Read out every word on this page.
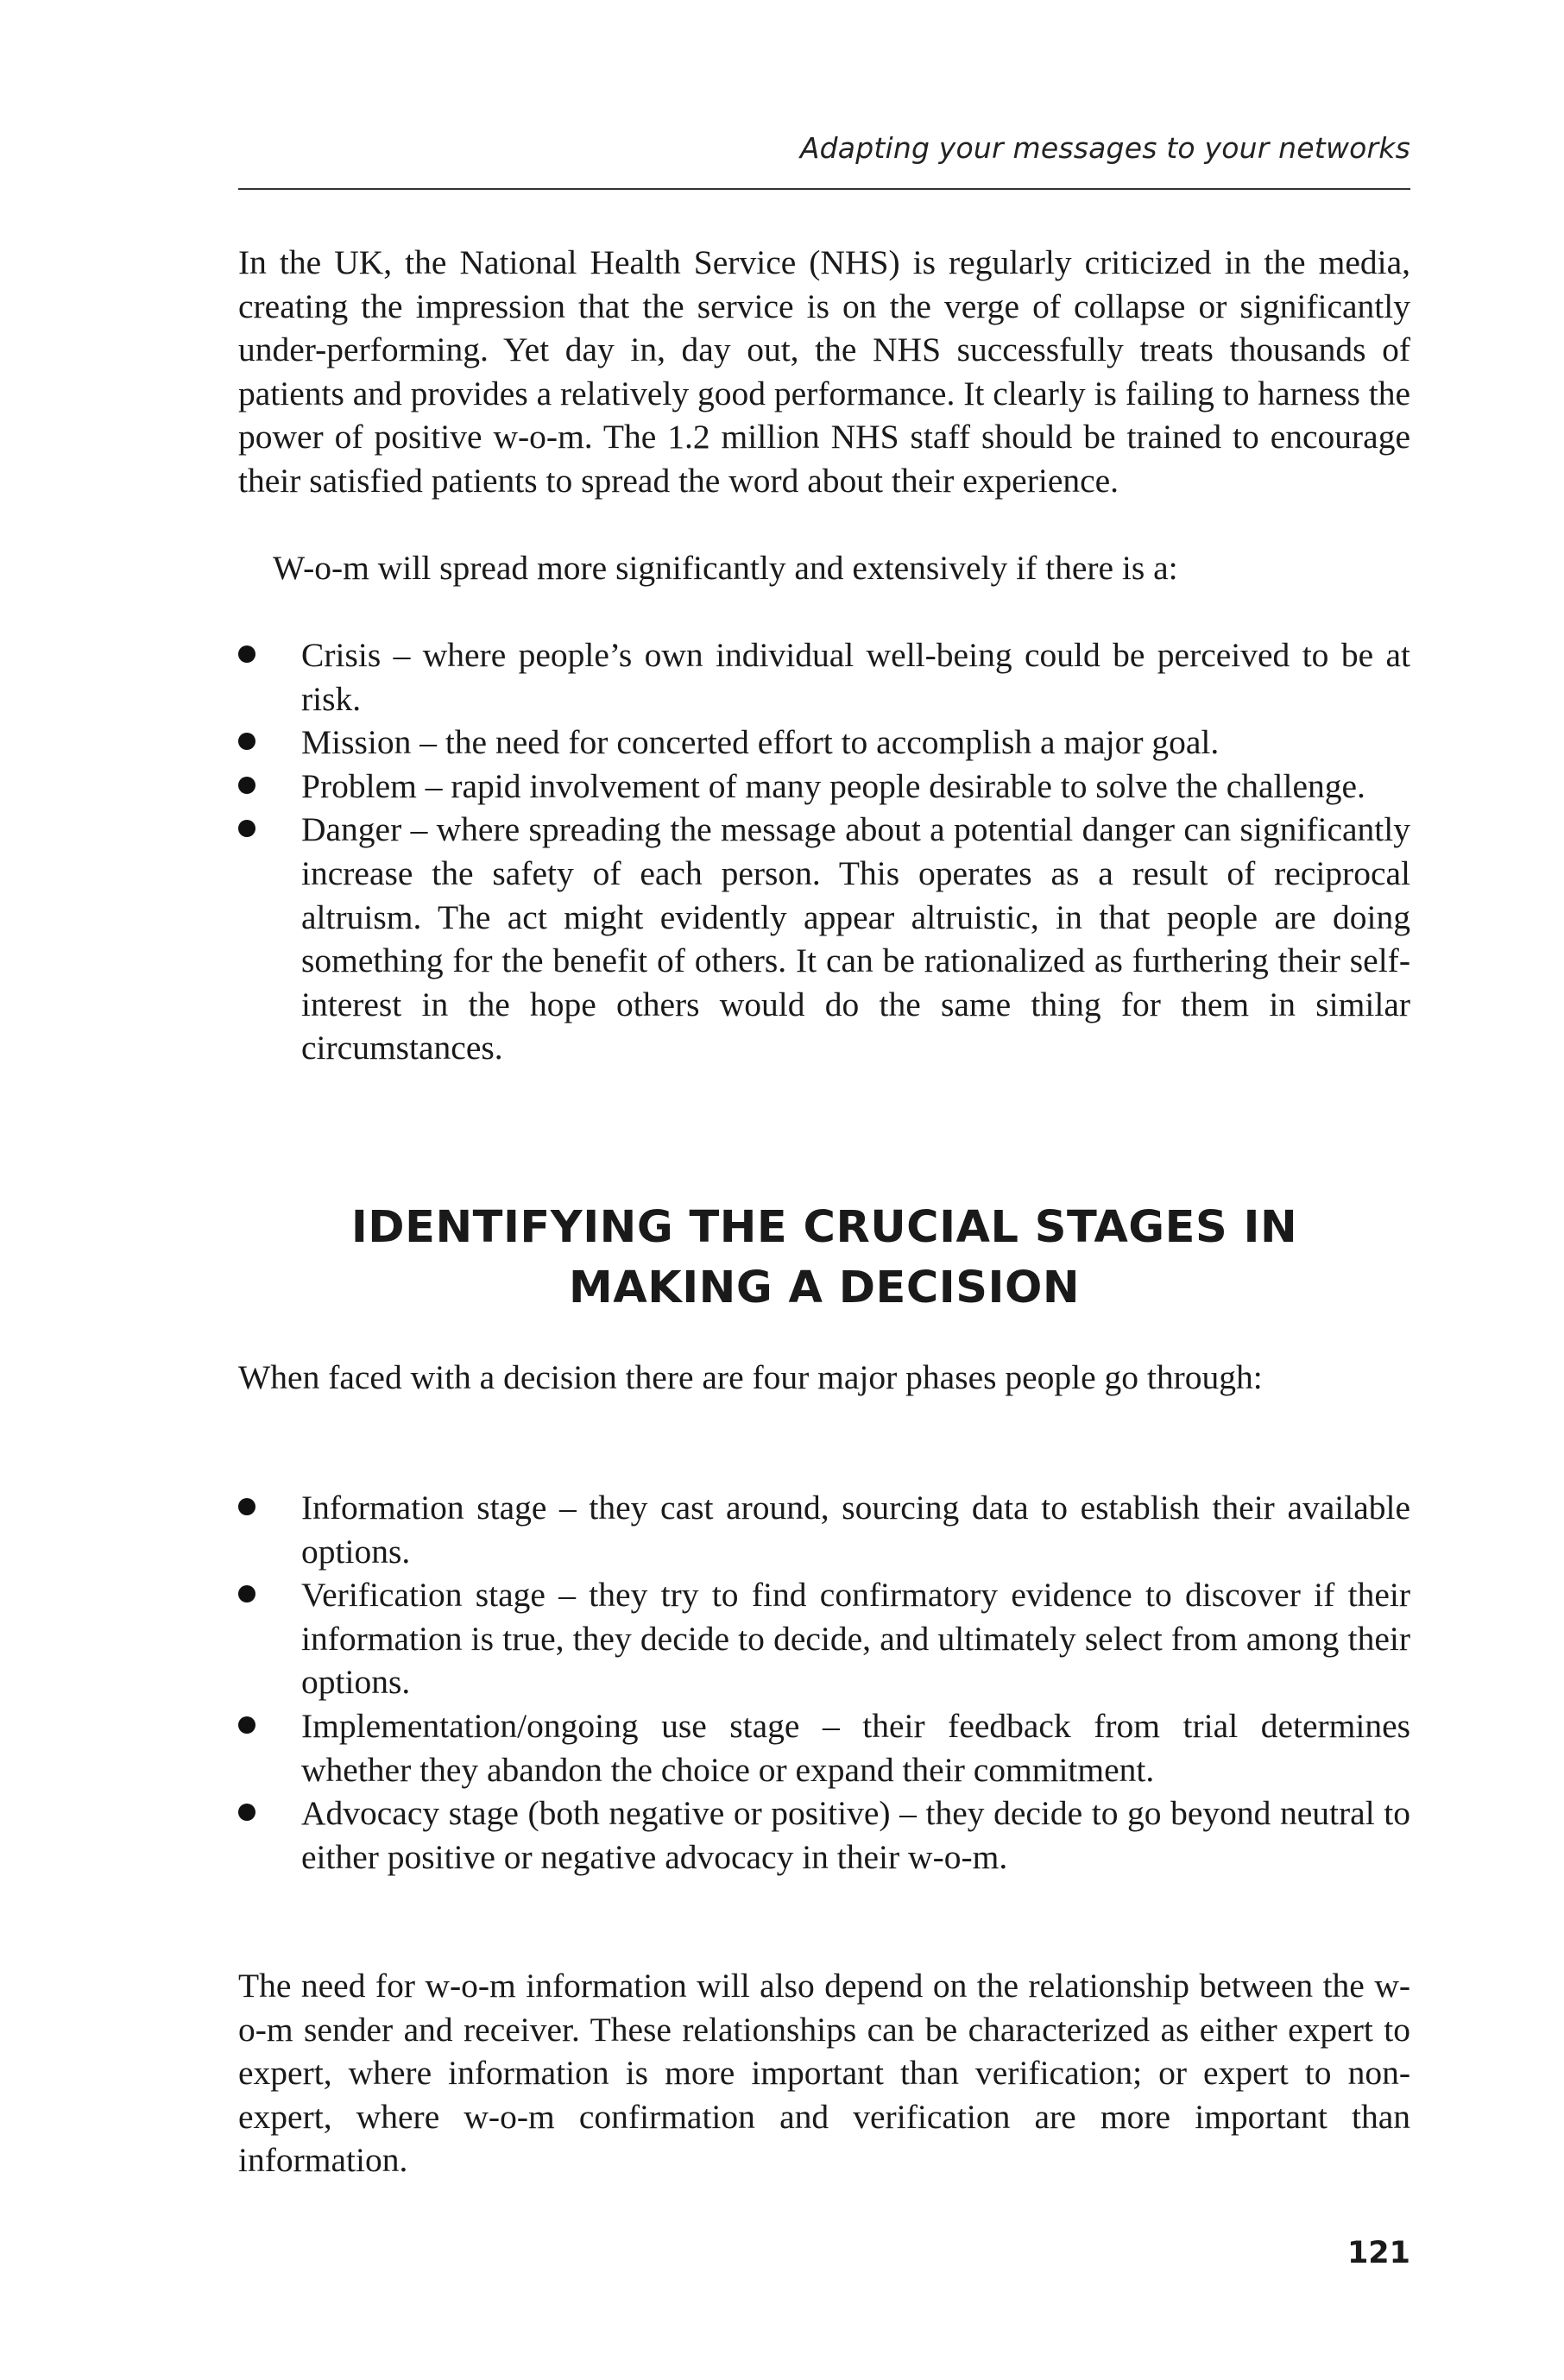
Adapting your messages to your networks

In the UK, the National Health Service (NHS) is regularly criticized in the media, creating the impression that the service is on the verge of collapse or significantly under-performing. Yet day in, day out, the NHS successfully treats thousands of patients and provides a relatively good performance. It clearly is failing to harness the power of positive w-o-m. The 1.2 million NHS staff should be trained to encourage their satisfied patients to spread the word about their experience.

W-o-m will spread more significantly and extensively if there is a:

Crisis – where people’s own individual well-being could be perceived to be at risk.
Mission – the need for concerted effort to accomplish a major goal.
Problem – rapid involvement of many people desirable to solve the challenge.
Danger – where spreading the message about a potential danger can significantly increase the safety of each person. This operates as a result of reciprocal altruism. The act might evidently appear altruistic, in that people are doing something for the benefit of others. It can be rationalized as furthering their self-interest in the hope others would do the same thing for them in similar circumstances.
IDENTIFYING THE CRUCIAL STAGES IN
MAKING A DECISION

When faced with a decision there are four major phases people go through:

Information stage – they cast around, sourcing data to establish their available options.
Verification stage – they try to find confirmatory evidence to discover if their information is true, they decide to decide, and ultimately select from among their options.
Implementation/ongoing use stage – their feedback from trial determines whether they abandon the choice or expand their commitment.
Advocacy stage (both negative or positive) – they decide to go beyond neutral to either positive or negative advocacy in their w-o-m.

The need for w-o-m information will also depend on the relationship between the w-o-m sender and receiver. These relationships can be characterized as either expert to expert, where information is more important than verification; or expert to non-expert, where w-o-m confirmation and verification are more important than information.

121
